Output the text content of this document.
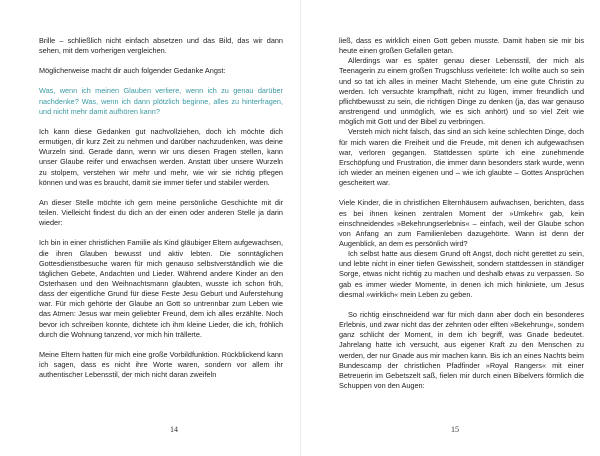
Brille – schließlich nicht einfach absetzen und das Bild, das wir dann sehen, mit dem vorherigen vergleichen.

Möglicherweise macht dir auch folgender Gedanke Angst:

Was, wenn ich meinen Glauben verliere, wenn ich zu genau darüber nachdenke? Was, wenn ich dann plötzlich beginne, alles zu hinterfragen, und nicht mehr damit aufhören kann?

Ich kann diese Gedanken gut nachvollziehen, doch ich möchte dich ermutigen, dir kurz Zeit zu nehmen und darüber nachzudenken, was deine Wurzeln sind. Gerade dann, wenn wir uns diesen Fragen stellen, kann unser Glaube reifer und erwachsen werden. Anstatt über unsere Wurzeln zu stolpern, verstehen wir mehr und mehr, wie wir sie richtig pflegen können und was es braucht, damit sie immer tiefer und stabiler werden.

An dieser Stelle möchte ich gern meine persönliche Geschichte mit dir teilen. Vielleicht findest du dich an der einen oder anderen Stelle ja darin wieder:

Ich bin in einer christlichen Familie als Kind gläubiger Eltern aufgewachsen, die ihren Glauben bewusst und aktiv lebten. Die sonntäglichen Gottesdienstbesuche waren für mich genauso selbstverständlich wie die täglichen Gebete, Andachten und Lieder. Während andere Kinder an den Osterhasen und den Weihnachtsmann glaubten, wusste ich schon früh, dass der eigentliche Grund für diese Feste Jesu Geburt und Auferstehung war. Für mich gehörte der Glaube an Gott so untrennbar zum Leben wie das Atmen: Jesus war mein geliebter Freund, dem ich alles erzählte. Noch bevor ich schreiben konnte, dichtete ich ihm kleine Lieder, die ich, fröhlich durch die Wohnung tanzend, vor mich hin trällerte.

Meine Eltern hatten für mich eine große Vorbildfunktion. Rückblickend kann ich sagen, dass es nicht ihre Worte waren, sondern vor allem ihr authentischer Lebensstil, der mich nicht daran zweifeln

14

ließ, dass es wirklich einen Gott geben musste. Damit haben sie mir bis heute einen großen Gefallen getan.

Allerdings war es später genau dieser Lebensstil, der mich als Teenagerin zu einem großen Trugschluss verleitete: Ich wollte auch so sein und so tat ich alles in meiner Macht Stehende, um eine gute Christin zu werden. Ich versuchte krampfhaft, nicht zu lügen, immer freundlich und pflichtbewusst zu sein, die richtigen Dinge zu denken (ja, das war genauso anstrengend und unmöglich, wie es sich anhört) und so viel Zeit wie möglich mit Gott und der Bibel zu verbringen.

Versteh mich nicht falsch, das sind an sich keine schlechten Dinge, doch für mich waren die Freiheit und die Freude, mit denen ich aufgewachsen war, verloren gegangen. Stattdessen spürte ich eine zunehmende Erschöpfung und Frustration, die immer dann besonders stark wurde, wenn ich wieder an meinen eigenen und – wie ich glaubte – Gottes Ansprüchen gescheitert war.

Viele Kinder, die in christlichen Elternhäusern aufwachsen, berichten, dass es bei ihnen keinen zentralen Moment der »Umkehr« gab, kein einschneidendes »Bekehrungserlebnis« – einfach, weil der Glaube schon von Anfang an zum Familienleben dazugehörte. Wann ist denn der Augenblick, an dem es persönlich wird?

Ich selbst hatte aus diesem Grund oft Angst, doch nicht gerettet zu sein, und lebte nicht in einer tiefen Gewissheit, sondern stattdessen in ständiger Sorge, etwas nicht richtig zu machen und deshalb etwas zu verpassen. So gab es immer wieder Momente, in denen ich mich hinkniete, um Jesus diesmal »wirklich« mein Leben zu geben.

So richtig einschneidend war für mich dann aber doch ein besonderes Erlebnis, und zwar nicht das der zehnten oder elften »Bekehrung«, sondern ganz schlicht der Moment, in dem ich begriff, was Gnade bedeutet. Jahrelang hatte ich versucht, aus eigener Kraft zu den Menschen zu werden, der nur Gnade aus mir machen kann. Bis ich an eines Nachts beim Bundescamp der christlichen Pfadfinder »Royal Rangers« mit einer Betreuerin im Gebetszelt saß, fielen mir durch einen Bibelvers förmlich die Schuppen von den Augen:

15
